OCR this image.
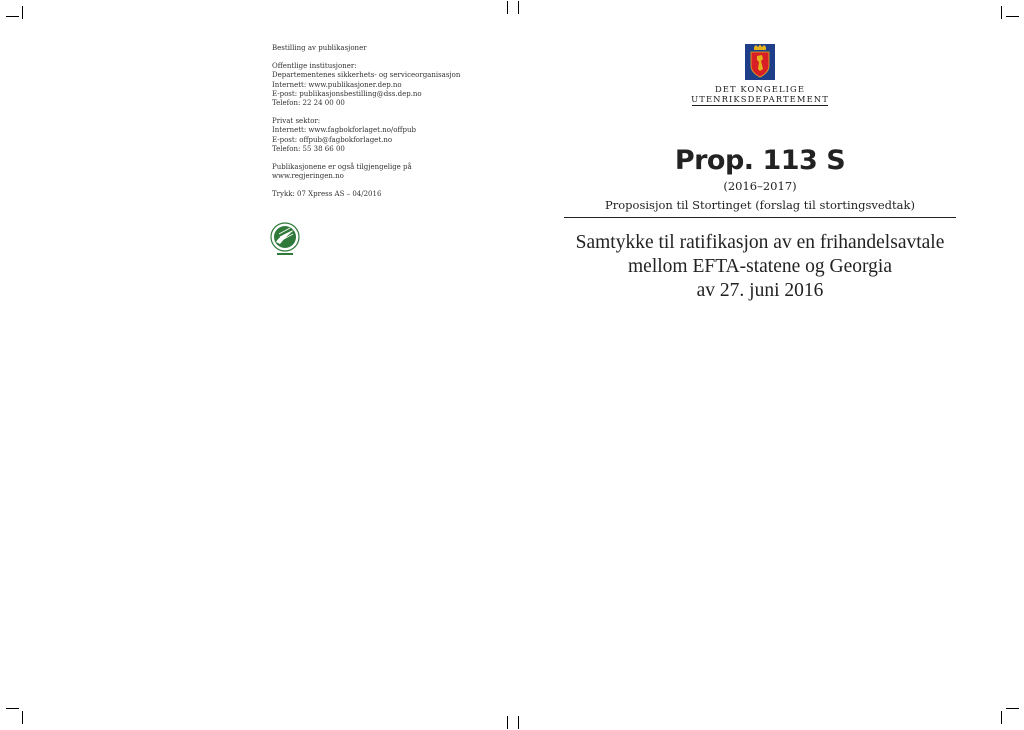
Bestilling av publikasjoner

Offentlige institusjoner:
Departementenes sikkerhets- og serviceorganisasjon
Internett: www.publikasjoner.dep.no
E-post: publikasjonsbestilling@dss.dep.no
Telefon: 22 24 00 00

Privat sektor:
Internett: www.fagbokforlaget.no/offpub
E-post: offpub@fagbokforlaget.no
Telefon: 55 38 66 00

Publikasjonene er også tilgjengelige på
www.regjeringen.no

Trykk: 07 Xpress AS – 04/2016

DET KONGELIGE
UTENRIKSDEPARTEMENT
Prop. 113 S
(2016–2017)
Proposisjon til Stortinget (forslag til stortingsvedtak)
Samtykke til ratifikasjon av en frihandelsavtale
mellom EFTA-statene og Georgia
av 27. juni 2016
